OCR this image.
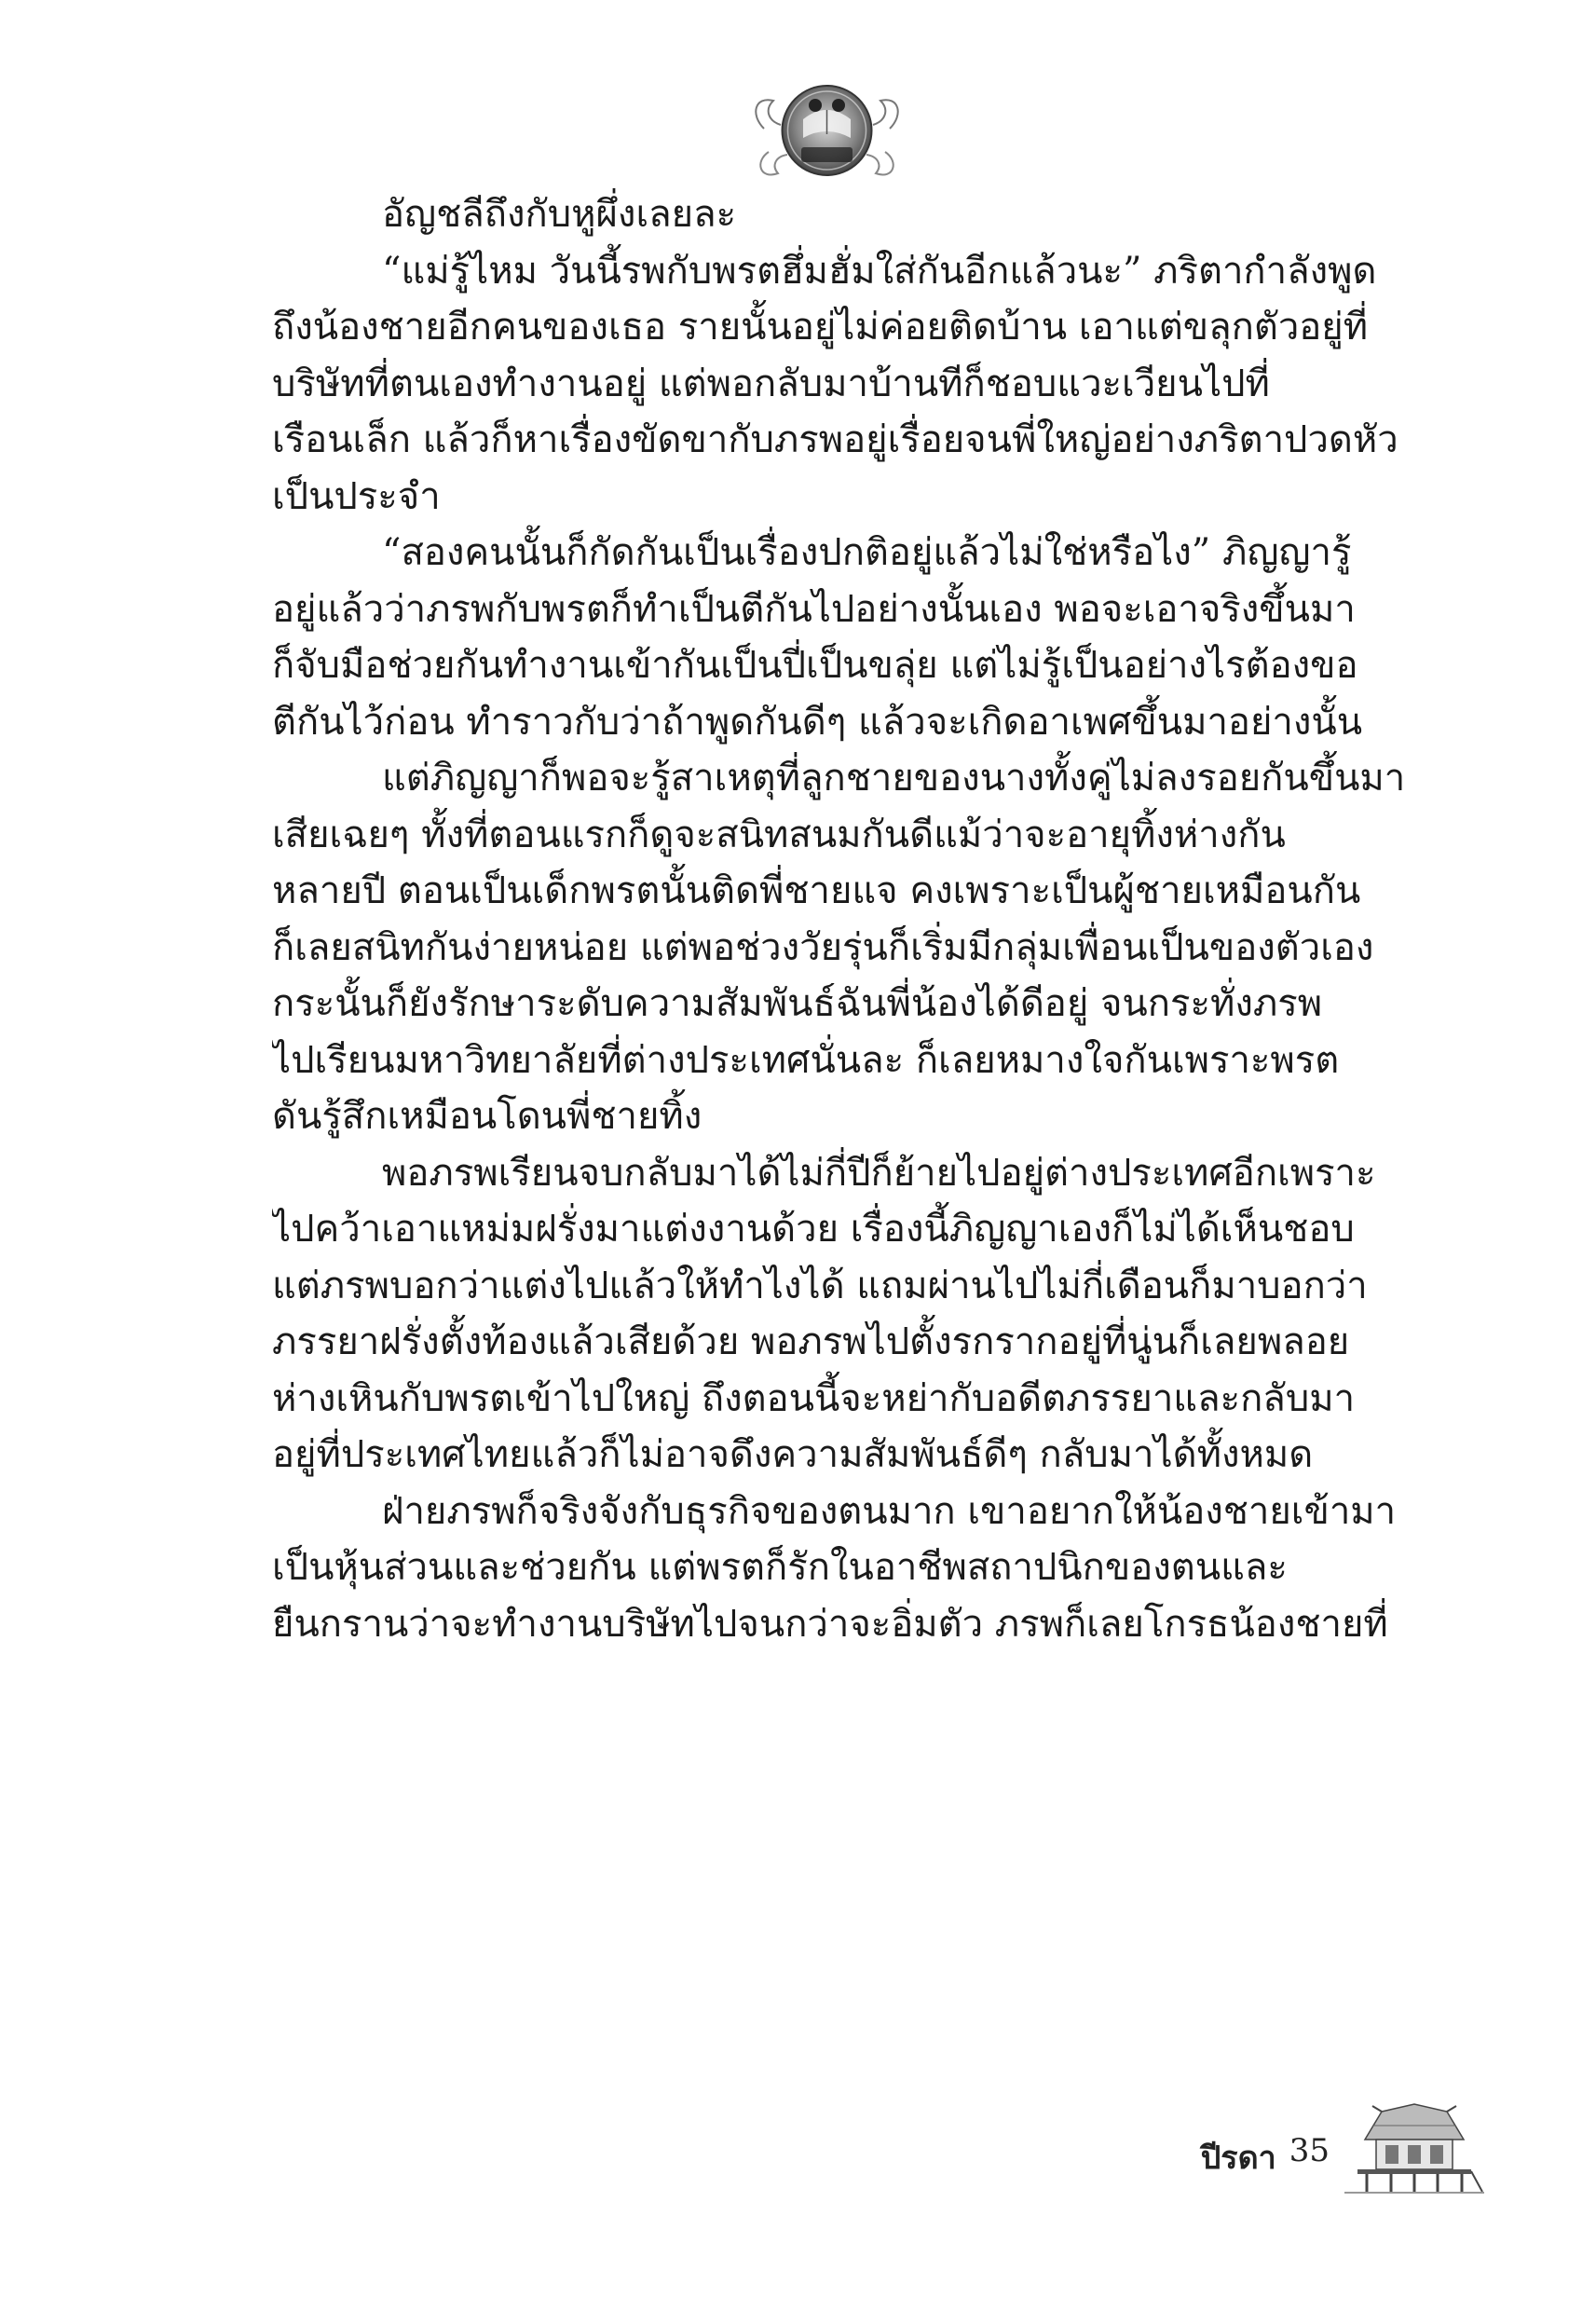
อัญชลีถึงกับหูผึ่งเลยละ
“แม่รู้ไหม วันนี้รพกับพรตฮึ่มฮั่มใส่กันอีกแล้วนะ” ภริตากำลังพูด
ถึงน้องชายอีกคนของเธอ รายนั้นอยู่ไม่ค่อยติดบ้าน เอาแต่ขลุกตัวอยู่ที่
บริษัทที่ตนเองทำงานอยู่ แต่พอกลับมาบ้านทีก็ชอบแวะเวียนไปที่
เรือนเล็ก แล้วก็หาเรื่องขัดขากับภรพอยู่เรื่อยจนพี่ใหญ่อย่างภริตาปวดหัว
เป็นประจำ
“สองคนนั้นก็กัดกันเป็นเรื่องปกติอยู่แล้วไม่ใช่หรือไง” ภิญญารู้
อยู่แล้วว่าภรพกับพรตก็ทำเป็นตีกันไปอย่างนั้นเอง พอจะเอาจริงขึ้นมา
ก็จับมือช่วยกันทำงานเข้ากันเป็นปี่เป็นขลุ่ย แต่ไม่รู้เป็นอย่างไรต้องขอ
ตีกันไว้ก่อน ทำราวกับว่าถ้าพูดกันดีๆ แล้วจะเกิดอาเพศขึ้นมาอย่างนั้น
แต่ภิญญาก็พอจะรู้สาเหตุที่ลูกชายของนางทั้งคู่ไม่ลงรอยกันขึ้นมา
เสียเฉยๆ ทั้งที่ตอนแรกก็ดูจะสนิทสนมกันดีแม้ว่าจะอายุทิ้งห่างกัน
หลายปี ตอนเป็นเด็กพรตนั้นติดพี่ชายแจ คงเพราะเป็นผู้ชายเหมือนกัน
ก็เลยสนิทกันง่ายหน่อย แต่พอช่วงวัยรุ่นก็เริ่มมีกลุ่มเพื่อนเป็นของตัวเอง
กระนั้นก็ยังรักษาระดับความสัมพันธ์ฉันพี่น้องได้ดีอยู่ จนกระทั่งภรพ
ไปเรียนมหาวิทยาลัยที่ต่างประเทศนั่นละ ก็เลยหมางใจกันเพราะพรต
ดันรู้สึกเหมือนโดนพี่ชายทิ้ง
พอภรพเรียนจบกลับมาได้ไม่กี่ปีก็ย้ายไปอยู่ต่างประเทศอีกเพราะ
ไปคว้าเอาแหม่มฝรั่งมาแต่งงานด้วย เรื่องนี้ภิญญาเองก็ไม่ได้เห็นชอบ
แต่ภรพบอกว่าแต่งไปแล้วให้ทำไงได้ แถมผ่านไปไม่กี่เดือนก็มาบอกว่า
ภรรยาฝรั่งตั้งท้องแล้วเสียด้วย พอภรพไปตั้งรกรากอยู่ที่นู่นก็เลยพลอย
ห่างเหินกับพรตเข้าไปใหญ่ ถึงตอนนี้จะหย่ากับอดีตภรรยาและกลับมา
อยู่ที่ประเทศไทยแล้วก็ไม่อาจดึงความสัมพันธ์ดีๆ กลับมาได้ทั้งหมด
ฝ่ายภรพก็จริงจังกับธุรกิจของตนมาก เขาอยากให้น้องชายเข้ามา
เป็นหุ้นส่วนและช่วยกัน แต่พรตก็รักในอาชีพสถาปนิกของตนและ
ยืนกรานว่าจะทำงานบริษัทไปจนกว่าจะอิ่มตัว ภรพก็เลยโกรธน้องชายที่
ปีรดา 35
